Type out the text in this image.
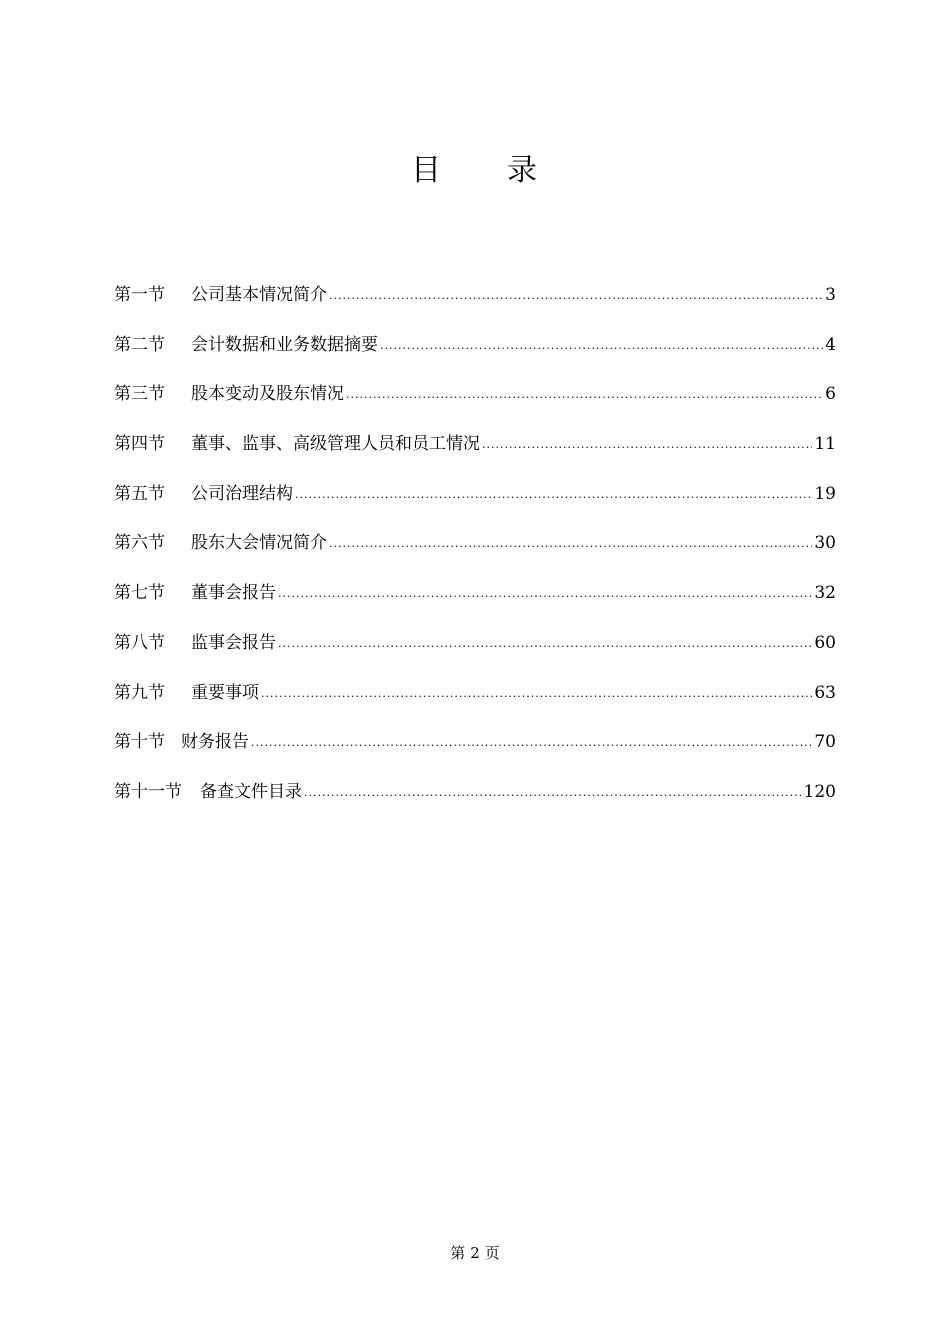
目　　录
第一节	公司基本情况简介 .....	3
第二节	会计数据和业务数据摘要 .....	4
第三节	股本变动及股东情况 .....	6
第四节	董事、监事、高级管理人员和员工情况 .....	11
第五节	公司治理结构 .....	19
第六节	股东大会情况简介 .....	30
第七节	董事会报告 .....	32
第八节	监事会报告 .....	60
第九节	重要事项 .....	63
第十节 财务报告 .....	70
第十一节	备查文件目录 .....	120
第 2 页
